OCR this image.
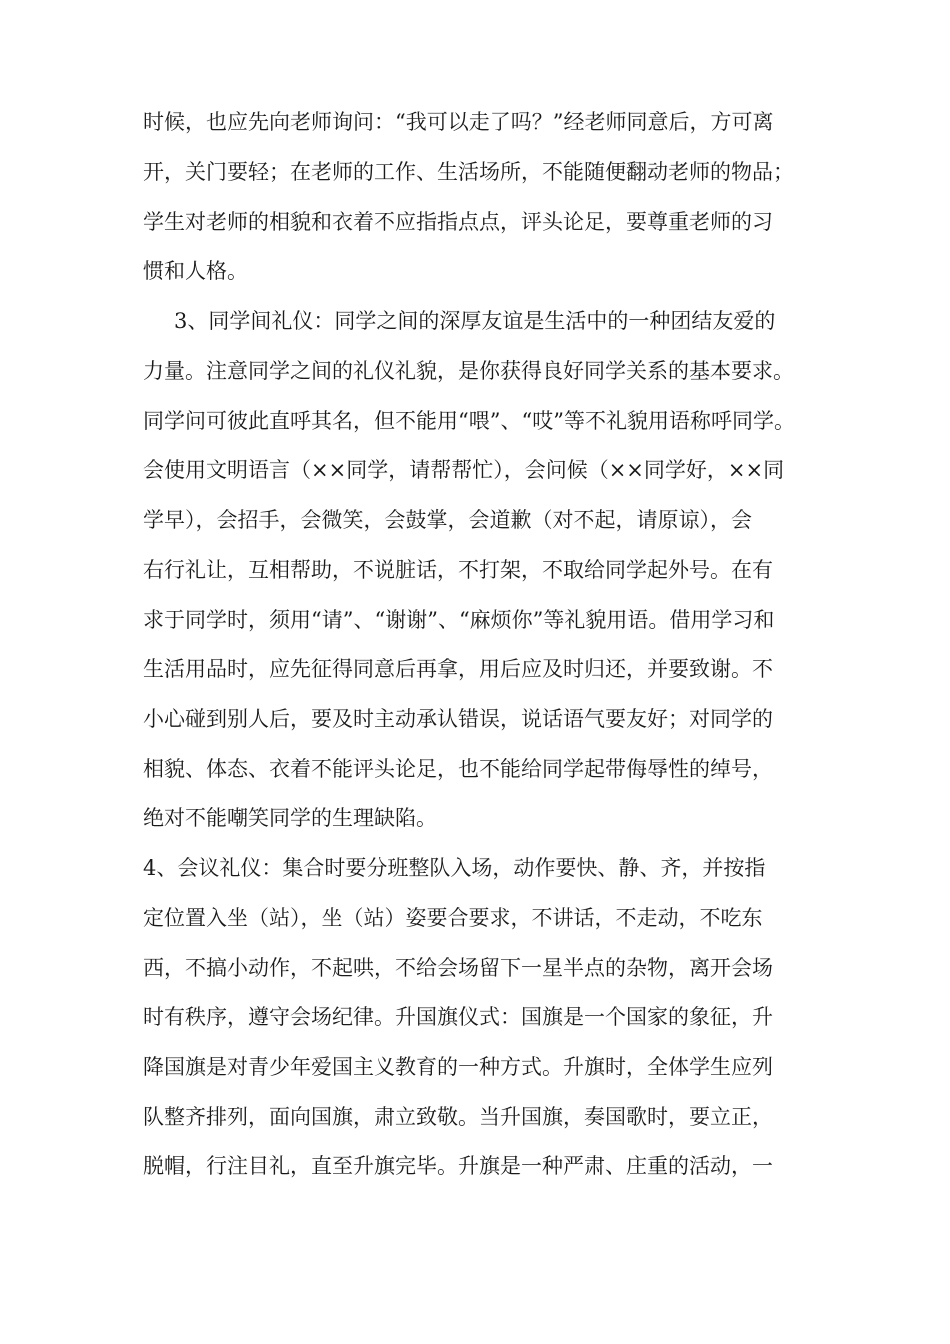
时候，也应先向老师询问：“我可以走了吗？”经老师同意后，方可离
开，关门要轻；在老师的工作、生活场所，不能随便翻动老师的物品；
学生对老师的相貌和衣着不应指指点点，评头论足，要尊重老师的习
惯和人格。
3、同学间礼仪：同学之间的深厚友谊是生活中的一种团结友爱的
力量。注意同学之间的礼仪礼貌，是你获得良好同学关系的基本要求。
同学问可彼此直呼其名，但不能用“喂”、“哎”等不礼貌用语称呼同学。
会使用文明语言（××同学，请帮帮忙），会问候（××同学好，××同
学早），会招手，会微笑，会鼓掌，会道歉（对不起，请原谅），会
右行礼让，互相帮助，不说脏话，不打架，不取给同学起外号。在有
求于同学时，须用“请”、“谢谢”、“麻烦你”等礼貌用语。借用学习和
生活用品时，应先征得同意后再拿，用后应及时归还，并要致谢。不
小心碰到别人后，要及时主动承认错误，说话语气要友好；对同学的
相貌、体态、衣着不能评头论足，也不能给同学起带侮辱性的绰号，
绝对不能嘲笑同学的生理缺陷。
4、会议礼仪：集合时要分班整队入场，动作要快、静、齐，并按指
定位置入坐（站），坐（站）姿要合要求，不讲话，不走动，不吃东
西，不搞小动作，不起哄，不给会场留下一星半点的杂物，离开会场
时有秩序，遵守会场纪律。升国旗仪式：国旗是一个国家的象征，升
降国旗是对青少年爱国主义教育的一种方式。升旗时，全体学生应列
队整齐排列，面向国旗，肃立致敬。当升国旗，奏国歌时，要立正，
脱帽，行注目礼，直至升旗完毕。升旗是一种严肃、庄重的活动，一
